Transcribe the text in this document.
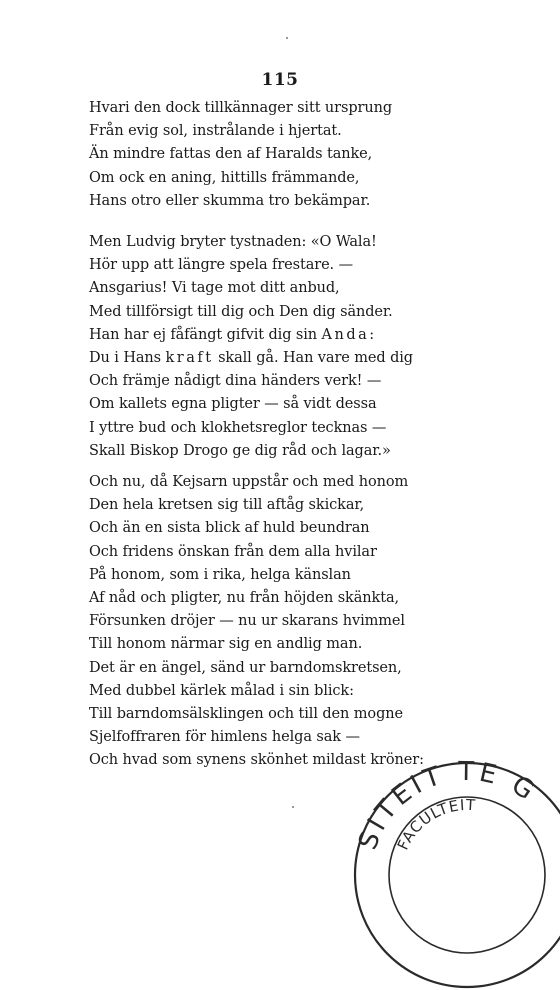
115
Hvari den dock tillkännager sitt ursprung
Från evig sol, instrålande i hjertat.
Än mindre fattas den af Haralds tanke,
Om ock en aning, hittills främmande,
Hans otro eller skumma tro bekämpar.
Men Ludvig bryter tystnaden: «O Wala!
Hör upp att längre spela frestare. —
Ansgarius! Vi tage mot ditt anbud,
Med tillförsigt till dig och Den dig sänder.
Han har ej fåfängt gifvit dig sin Anda:
Du i Hans kraft skall gå. Han vare med dig
Och främje nådigt dina händers verk! —
Om kallets egna pligter — så vidt dessa
I yttre bud och klokhetsreglor tecknas —
Skall Biskop Drogo ge dig råd och lagar.»
Och nu, då Kejsarn uppstår och med honom
Den hela kretsen sig till aftåg skickar,
Och än en sista blick af huld beundran
Och fridens önskan från dem alla hvilar
På honom, som i rika, helga känslan
Af nåd och pligter, nu från höjden skänkta,
Försunken dröjer — nu ur skarans hvimmel
Till honom närmar sig en andlig man.
Det är en ängel, sänd ur barndomskretsen,
Med dubbel kärlek målad i sin blick:
Till barndomsälsklingen och till den mogne
Sjelfoffraren för himlens helga sak —
Och hvad som synens skönhet mildast kröner:
SITEIT TE G
FACULTEIT
